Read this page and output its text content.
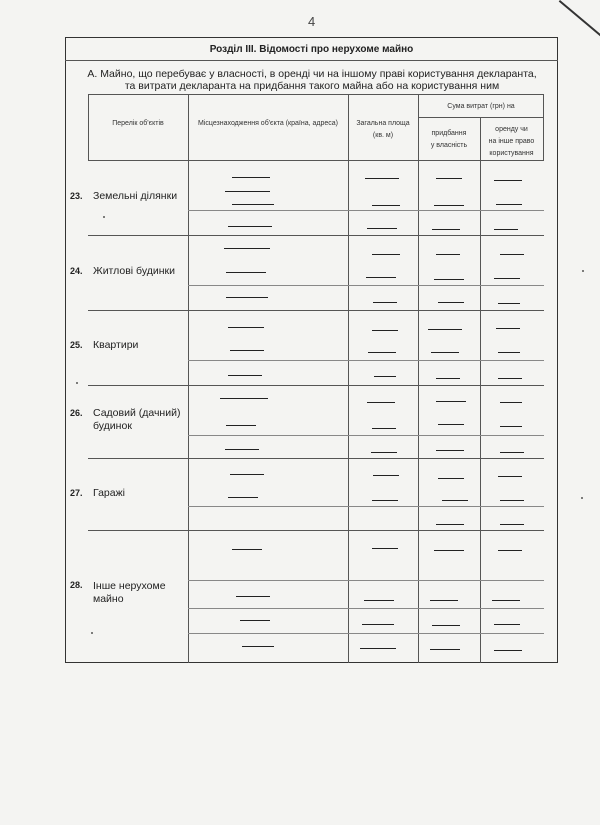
4
Розділ ІІІ. Відомості про нерухоме майно
А. Майно, що перебуває у власності, в оренді чи на іншому праві користування декларанта,
та витрати декларанта на придбання такого майна або на користування ним
Перелік об'єктів	Місцезнаходження об'єкта (країна, адреса)	Загальна площа
(кв. м)
Сума витрат (грн) на
придбання
у власність
оренду чи
на інше право
користування
23. Земельні ділянки
24. Житлові будинки
25. Квартири
26. Садовий (дачний)
будинок
27. Гаражі
28. Інше нерухоме
майно
